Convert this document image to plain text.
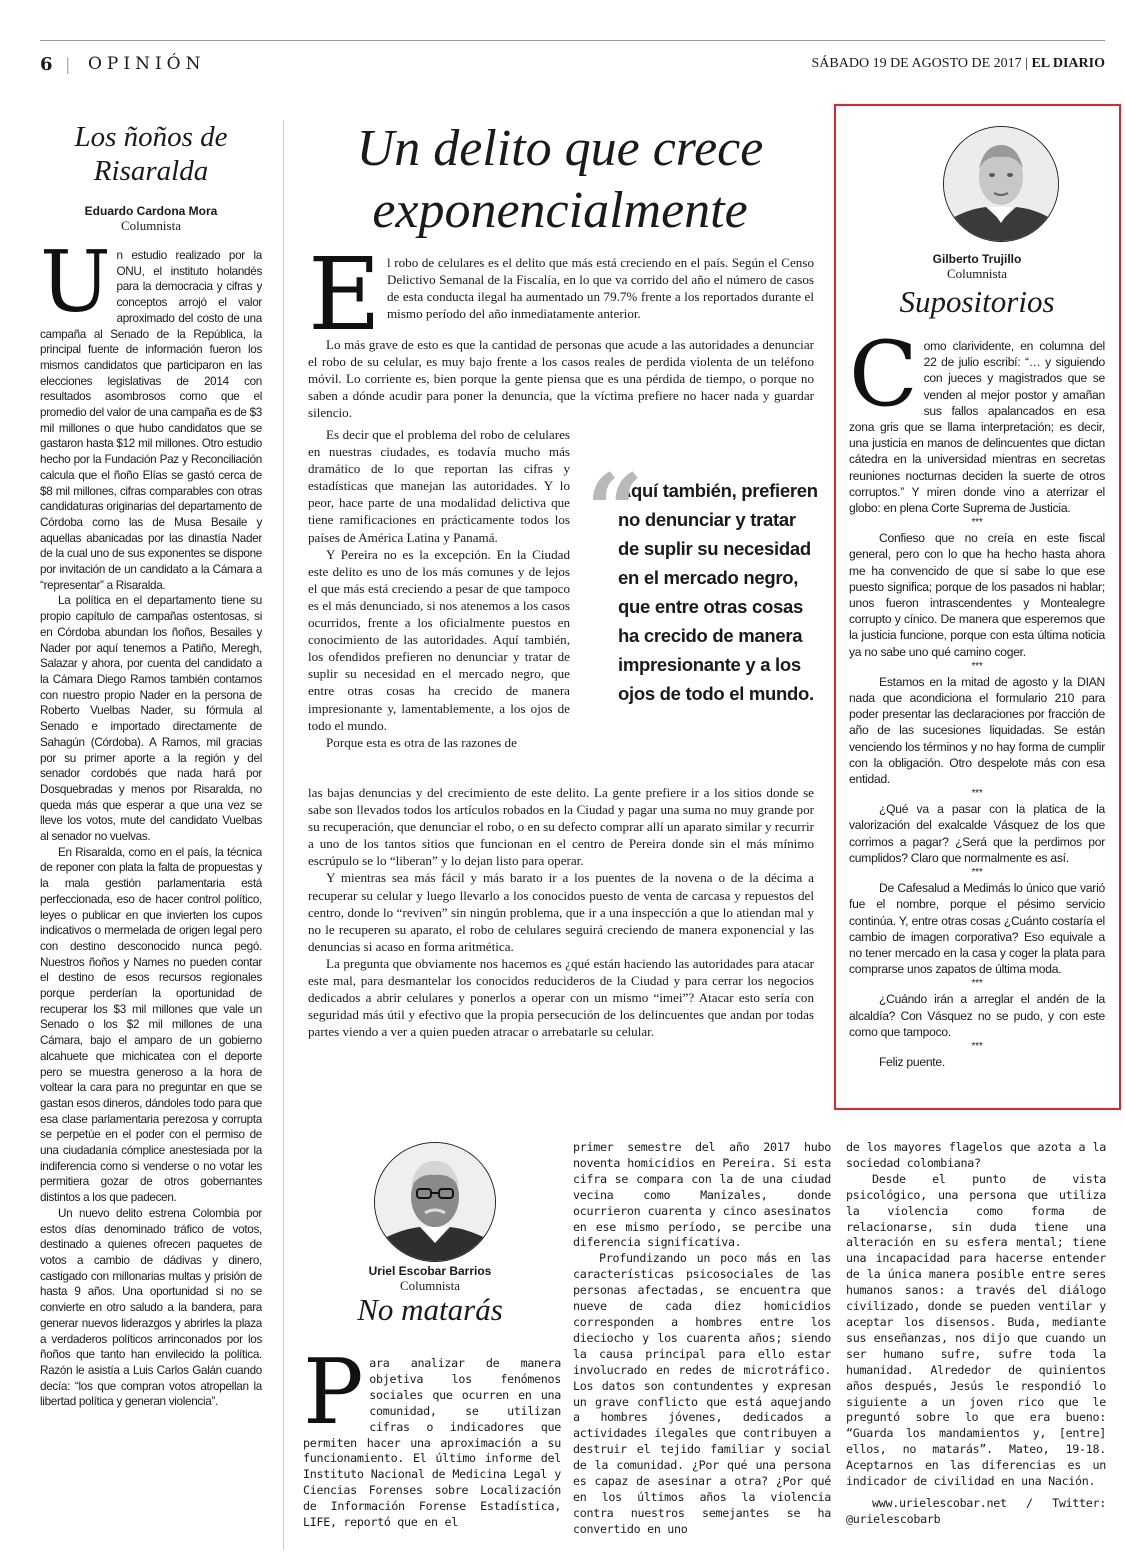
6 | OPINIÓN	SÁBADO 19 DE AGOSTO DE 2017 | EL DIARIO
Los ñoños de
Risaralda
Eduardo Cardona Mora
Columnista
U n estudio realizado por la ONU, el instituto holandés para la democracia y cifras y conceptos arrojó el valor aproximado del costo de una campaña al Senado de la República, la principal fuente de información fueron los mismos candidatos que participaron en las elecciones legislativas de 2014 con resultados asombrosos como que el promedio del valor de una campaña es de $3 mil millones o que hubo candidatos que se gastaron hasta $12 mil millones. Otro estudio hecho por la Fundación Paz y Reconciliación calcula que el ñoño Elías se gastó cerca de $8 mil millones, cifras comparables con otras candidaturas originarias del departamento de Córdoba como las de Musa Besaile y aquellas abanicadas por las dinastía Nader de la cual uno de sus exponentes se dispone por invitación de un candidato a la Cámara a “representar” a Risaralda.

La política en el departamento tiene su propio capítulo de campañas ostentosas, si en Córdoba abundan los ñoños, Besailes y Nader por aquí tenemos a Patiño, Meregh, Salazar y ahora, por cuenta del candidato a la Cámara Diego Ramos también contamos con nuestro propio Nader en la persona de Roberto Vuelbas Nader, su fórmula al Senado e importado directamente de Sahagún (Córdoba). A Ramos, mil gracias por su primer aporte a la región y del senador cordobés que nada hará por Dosquebradas y menos por Risaralda, no queda más que esperar a que una vez se lleve los votos, mute del candidato Vuelbas al senador no vuelvas.

En Risaralda, como en el país, la técnica de reponer con plata la falta de propuestas y la mala gestión parlamentaria está perfeccionada, eso de hacer control político, leyes o publicar en que invierten los cupos indicativos o mermelada de origen legal pero con destino desconocido nunca pegó. Nuestros ñoños y Names no pueden contar el destino de esos recursos regionales porque perderían la oportunidad de recuperar los $3 mil millones que vale un Senado o los $2 mil millones de una Cámara, bajo el amparo de un gobierno alcahuete que michicatea con el deporte pero se muestra generoso a la hora de voltear la cara para no preguntar en que se gastan esos dineros, dándoles todo para que esa clase parlamentaria perezosa y corrupta se perpetúe en el poder con el permiso de una ciudadanía cómplice anestesiada por la indiferencia como si venderse o no votar les permitiera gozar de otros gobernantes distintos a los que padecen.

Un nuevo delito estrena Colombia por estos días denominado tráfico de votos, destinado a quienes ofrecen paquetes de votos a cambio de dádivas y dinero, castigado con millonarias multas y prisión de hasta 9 años. Una oportunidad si no se convierte en otro saludo a la bandera, para generar nuevos liderazgos y abrirles la plaza a verdaderos políticos arrinconados por los ñoños que tanto han envilecido la política. Razón le asistía a Luis Carlos Galán cuando decía: “los que compran votos atropellan la libertad política y generan violencia”.

Un delito que crece
exponencialmente
E l robo de celulares es el delito que más está creciendo en el país. Según el Censo Delictivo Semanal de la Fiscalía, en lo que va corrido del año el número de casos de esta conducta ilegal ha aumentado un 79.7% frente a los reportados durante el mismo período del año inmediatamente anterior.

Lo más grave de esto es que la cantidad de personas que acude a las autoridades a denunciar el robo de su celular, es muy bajo frente a los casos reales de perdida violenta de un teléfono móvil. Lo corriente es, bien porque la gente piensa que es una pérdida de tiempo, o porque no saben a dónde acudir para poner la denuncia, que la víctima prefiere no hacer nada y guardar silencio.

Es decir que el problema del robo de celulares en nuestras ciudades, es todavía mucho más dramático de lo que reportan las cifras y estadísticas que manejan las autoridades. Y lo peor, hace parte de una modalidad delictiva que tiene ramificaciones en prácticamente todos los países de América Latina y Panamá.

Y Pereira no es la excepción. En la Ciudad este delito es uno de los más comunes y de lejos el que más está creciendo a pesar de que tampoco es el más denunciado, si nos atenemos a los casos ocurridos, frente a los oficialmente puestos en conocimiento de las autoridades. Aquí también, los ofendidos prefieren no denunciar y tratar de suplir su necesidad en el mercado negro, que entre otras cosas ha crecido de manera impresionante y, lamentablemente, a los ojos de todo el mundo.

Porque esta es otra de las razones de

“

Aquí también, prefieren no denunciar y tratar de suplir su necesidad en el mercado negro, que entre otras cosas ha crecido de manera impresionante y a los ojos de todo el mundo.

las bajas denuncias y del crecimiento de este delito. La gente prefiere ir a los sitios donde se sabe son llevados todos los artículos robados en la Ciudad y pagar una suma no muy grande por su recuperación, que denunciar el robo, o en su defecto comprar allí un aparato similar y recurrir a uno de los tantos sitios que funcionan en el centro de Pereira donde sin el más mínimo escrúpulo se lo “liberan” y lo dejan listo para operar.

Y mientras sea más fácil y más barato ir a los puentes de la novena o de la décima a recuperar su celular y luego llevarlo a los conocidos puesto de venta de carcasa y repuestos del centro, donde lo “reviven” sin ningún problema, que ir a una inspección a que lo atiendan mal y no le recuperen su aparato, el robo de celulares seguirá creciendo de manera exponencial y las denuncias si acaso en forma aritmética.

La pregunta que obviamente nos hacemos es ¿qué están haciendo las autoridades para atacar este mal, para desmantelar los conocidos reducideros de la Ciudad y para cerrar los negocios dedicados a abrir celulares y ponerlos a operar con un mismo “imei”? Atacar esto sería con seguridad más útil y efectivo que la propia persecución de los delincuentes que andan por todas partes viendo a ver a quien pueden atracar o arrebatarle su celular.

Gilberto Trujillo
Columnista
Supositorios
C omo clarividente, en columna del 22 de julio escribí: “… y siguiendo con jueces y magistrados que se venden al mejor postor y amañan sus fallos apalancados en esa zona gris que se llama interpretación; es decir, una justicia en manos de delincuentes que dictan cátedra en la universidad mientras en secretas reuniones nocturnas deciden la suerte de otros corruptos.” Y miren donde vino a aterrizar el globo: en plena Corte Suprema de Justicia.

***

Confieso que no creía en este fiscal general, pero con lo que ha hecho hasta ahora me ha convencido de que sí sabe lo que ese puesto significa; porque de los pasados ni hablar; unos fueron intrascendentes y Montealegre corrupto y cínico. De manera que esperemos que la justicia funcione, porque con esta última noticia ya no sabe uno qué camino coger.

***

Estamos en la mitad de agosto y la DIAN nada que acondiciona el formulario 210 para poder presentar las declaraciones por fracción de año de las sucesiones liquidadas. Se están venciendo los términos y no hay forma de cumplir con la obligación. Otro despelote más con esa entidad.

***

¿Qué va a pasar con la platica de la valorización del exalcalde Vásquez de los que corrimos a pagar? ¿Será que la perdimos por cumplidos? Claro que normalmente es así.

***

De Cafesalud a Medimás lo único que varió fue el nombre, porque el pésimo servicio continúa. Y, entre otras cosas ¿Cuánto costaría el cambio de imagen corporativa? Eso equivale a no tener mercado en la casa y coger la plata para comprarse unos zapatos de última moda.

***

¿Cuándo irán a arreglar el andén de la alcaldía? Con Vásquez no se pudo, y con este como que tampoco.

***

Feliz puente.

Uriel Escobar Barrios
Columnista
No matarás
P ara analizar de manera objetiva los fenómenos sociales que ocurren en una comunidad, se utilizan cifras o indicadores que permiten hacer una aproximación a su funcionamiento. El último informe del Instituto Nacional de Medicina Legal y Ciencias Forenses sobre Localización de Información Forense Estadística, LIFE, reportó que en el

primer semestre del año 2017 hubo noventa homicidios en Pereira. Si esta cifra se compara con la de una ciudad vecina como Manizales, donde ocurrieron cuarenta y cinco asesinatos en ese mismo período, se percibe una diferencia significativa.

Profundizando un poco más en las características psicosociales de las personas afectadas, se encuentra que nueve de cada diez homicidios corresponden a hombres entre los dieciocho y los cuarenta años; siendo la causa principal para ello estar involucrado en redes de microtráfico. Los datos son contundentes y expresan un grave conflicto que está aquejando a hombres jóvenes, dedicados a actividades ilegales que contribuyen a destruir el tejido familiar y social de la comunidad. ¿Por qué una persona es capaz de asesinar a otra? ¿Por qué en los últimos años la violencia contra nuestros semejantes se ha convertido en uno

de los mayores flagelos que azota a la sociedad colombiana?

Desde el punto de vista psicológico, una persona que utiliza la violencia como forma de relacionarse, sin duda tiene una alteración en su esfera mental; tiene una incapacidad para hacerse entender de la única manera posible entre seres humanos sanos: a través del diálogo civilizado, donde se pueden ventilar y aceptar los disensos. Buda, mediante sus enseñanzas, nos dijo que cuando un ser humano sufre, sufre toda la humanidad. Alrededor de quinientos años después, Jesús le respondió lo siguiente a un joven rico que le preguntó sobre lo que era bueno: “Guarda los mandamientos y, [entre] ellos, no matarás”. Mateo, 19-18. Aceptarnos en las diferencias es un indicador de civilidad en una Nación.

www.urielescobar.net / Twitter: @urielescobarb
